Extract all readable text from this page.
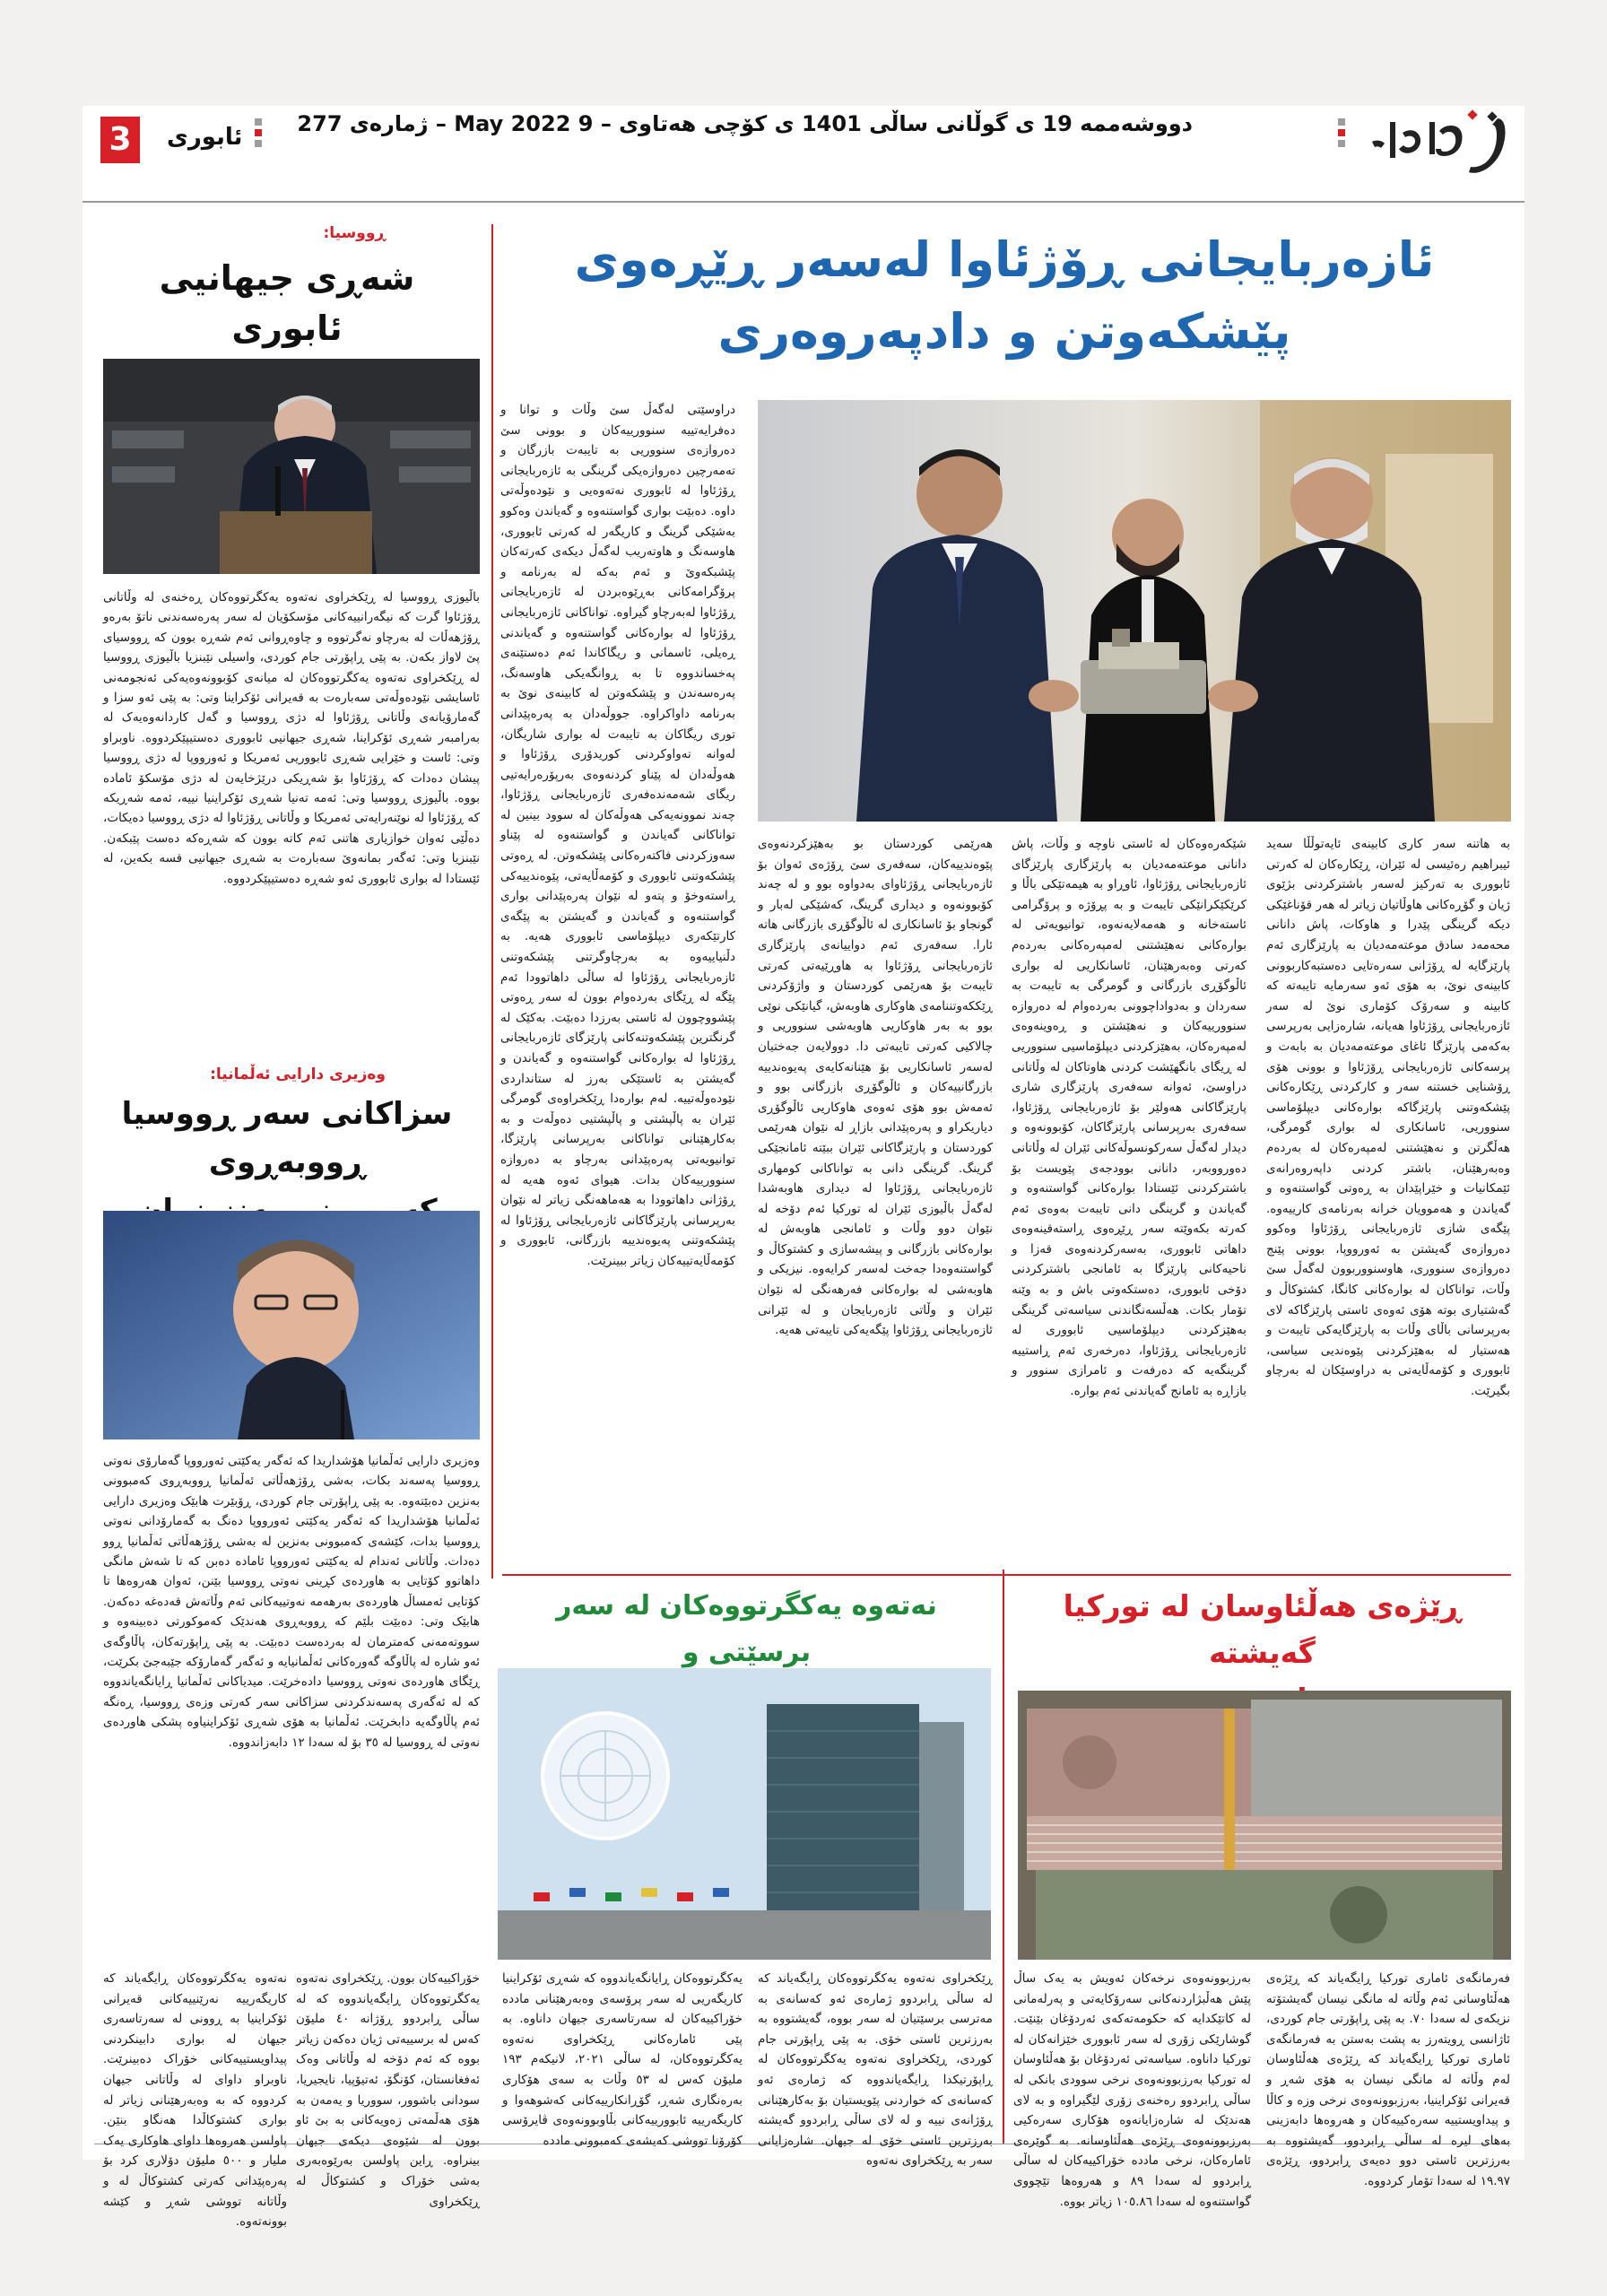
3	ئابوری	دووشەممە 19 ی گوڵانی ساڵی 1401 ی کۆچی هەتاوی – 9 May 2022 – ژمارەی 277
ئازەربایجانی ڕۆژئاوا لەسەر ڕێڕەوی
پێشکەوتن و دادپەروەری

دراوسێتی لەگەڵ سێ وڵات و توانا و دەفرایەتییە سنوورییەکان و بوونی سێ دەروازەی سنووریی بە تایبەت بازرگان و تەمەرچین دەروازەیکی گرینگی بە ئازەربایجانی ڕۆژئاوا لە ئابووری نەتەوەیی و نێودەوڵەتی داوە. دەبێت بواری گواستنەوە و گەیاندن وەکوو بەشێکی گرینگ و کاریگەر لە کەرتی ئابووری، هاوسەنگ و هاوتەریب لەگەڵ دیکەی کەرتەکان پێشبکەوێ و ئەم بەکە لە بەرنامە و پرۆگرامەکانی بەڕێوەبردن لە ئازەربایجانی ڕۆژئاوا لەبەرچاو گیراوە. تواناکانی ئازەربایجانی ڕۆژئاوا لە بوارەکانی گواستنەوە و گەیاندنی ڕەیلی، ئاسمانی و ریگاکاندا ئەم دەستێنەی پەخساندووە تا بە ڕوانگەیکی هاوسەنگ، پەرەسەندن و پێشکەوتن لە کابینەی نوێ بە بەرنامە داواکراوە. جووڵەدان بە پەرەپێدانی توری ریگاکان بە تایبەت لە بواری شاریگان، لەوانە تەواوکردنی کوریدۆری ڕۆژئاوا و هەوڵەدان لە پێناو کردنەوەی بەرپۆرەرایەتیی ریگای شەمەندەفەری ئازەربایجانی ڕۆژئاوا، چەند نموونەیەکی هەوڵەکان لە سوود بینین لە تواناکانی گەیاندن و گواستنەوە لە پێناو سەوزکردنی فاکتەرەکانی پێشکەوتن. لە ڕەوتی پێشکەوتنی ئابووری و کۆمەڵایەتی، پێوەندییەکی ڕاستەوخۆ و پتەو لە نێوان پەرەپێدانی بواری گواستنەوە و گەیاندن و گەیشتن بە پێگەی کارتێکەری دیپلۆماسی ئابووری هەیە. بە دڵنیاییەوە بە بەرچاوگرتنی پێشکەوتنی ئازەربایجانی ڕۆژئاوا لە ساڵی داهاتوودا ئەم پێگە لە ڕێگای بەردەوام بوون لە سەر ڕەوتی پێشووچوون لە ئاستی بەرزدا دەبێت. بەکێک لە گرنگترین پێشکەوتنەکانی پارێزگای ئازەربایجانی ڕۆژئاوا لە بوارەکانی گواستنەوە و گەیاندن و گەیشتن بە ئاستێکی بەرز لە ستانداردی نێودەوڵەتییە. لەم بوارەدا ڕێکخراوەی گومرگی ئێران بە پاڵپشتی و پاڵپشتیی دەوڵەت و بە بەکارهێنانی تواناکانی بەرپرسانی پارێزگا، توانیویەتی پەرەپێدانی بەرچاو بە دەروازە سنوورییەکان بدات. هیوای ئەوە هەیە لە ڕۆژانی داهاتوودا بە هەماهەنگی زیاتر لە نێوان بەرپرسانی پارێزگاکانی ئازەربایجانی ڕۆژئاوا لە پێشکەوتنی پەیوەندییە بازرگانی، ئابووری و کۆمەڵایەتییەکان زیاتر ببینرێت.

هەرێمی کوردستان بو بەهێزکردنەوەی پێوەندییەکان، سەفەری سێ ڕۆژەی ئەوان بۆ ئازەربایجانی ڕۆژئاوای بەدواوە بوو و لە چەند کۆبوونەوە و دیداری گرینگ، کەشێکی لەبار و گونجاو بۆ ئاسانکاری لە ئاڵوگۆڕی بازرگانی هاتە ئارا. سەفەری ئەم دواییانەی پارێزگاری ئازەربایجانی ڕۆژئاوا بە هاوڕێیەتی کەرتی تایبەت بۆ هەرێمی کوردستان و واژۆکردنی ڕێککەوتننامەی هاوکاری هاوبەش، گیانێکی نوێی بوو بە بەر هاوکاریی هاوبەشی سنووریی و چالاکیی کەرتی تایبەتی دا. دوولایەن جەختیان لەسەر ئاسانکاریی بۆ هێنانەکایەی پەیوەندییە بازرگانییەکان و ئاڵوگۆڕی بازرگانی بوو و ئەمەش بوو هۆی ئەوەی هاوکاریی ئاڵوگۆڕی دیاریکراو و پەرەپێدانی بازاڕ لە نێوان هەرێمی کوردستان و پارێزگاکانی ئێران ببێتە ئامانجێکی گرینگ. گرینگی دانی بە تواناکانی کومهاری ئازەربایجانی ڕۆژئاوا لە دیداری هاوبەشدا لەگەڵ باڵیوزی ئێران لە تورکیا ئەم دۆخە لە نێوان دوو وڵات و ئامانجی هاوبەش لە بوارەکانی بازرگانی و پیشەسازی و کشتوکاڵ و گواستنەوەدا جەخت لەسەر کرایەوە. نیزیکی و هاوبەشی لە بوارەکانی فەرهەنگی لە نێوان ئێران و وڵاتی ئازەربایجان و لە ئێرانی ئازەربایجانی ڕۆژئاوا پێگەیەکی تایبەتی هەیە.

شێکەرەوەکان لە ئاستی ناوچە و وڵات، پاش دانانی موعتەمەدیان بە پارێزگاری پارێزگای ئازەربایجانی ڕۆژئاوا، ئاوڕاو بە هیمەتێکی باڵا و کرێکێکرانێکی تایبەت و بە پڕۆژە و پرۆگرامی ئاستەخانە و هەمەلایەنەوە، توانیویەتی لە بوارەکانی نەهێشتنی لەمپەرەکانی بەردەم کەرتی وەبەرهێنان، ئاسانکاریی لە بواری ئاڵوگۆڕی بازرگانی و گومرگی بە تایبەت بە سەردان و بەدواداچوونی بەردەوام لە دەروازە سنوورییەکان و نەهێشتن و ڕەوینەوەی لەمپەرەکان، بەهێزکردنی دیپلۆماسیی سنووریی لە ڕیگای بانگهێشت کردنی هاوتاکان لە وڵاتانی دراوسێ، ئەوانە سەفەری پارێزگاری شاری پارێزگاکانی هەولێر بۆ ئازەربایجانی ڕۆژئاوا، سەفەری بەرپرسانی پارێزگاکان، کۆبوونەوە و دیدار لەگەڵ سەرکونسوڵەکانی ئێران لە وڵاتانی دەورووبەر، دانانی بوودجەی پێویست بۆ باشترکردنی ئێستادا بوارەکانی گواستنەوە و گەیاندن و گرینگی دانی تایبەت بەوەی ئەم کەرتە بکەوێتە سەر ڕێڕەوی ڕاستەقینەوەی داهاتی ئابووری، بەسەرکردنەوەی قەزا و ناحیەکانی پارێزگا بە ئامانجی باشترکردنی دۆخی ئابووری، دەستکەوتی باش و بە وێنە تۆمار بکات. هەڵسەنگاندنی سیاسەتی گرینگی بەهێزکردنی دیپلۆماسیی ئابووری لە ئازەربایجانی ڕۆژئاوا، دەرخەری ئەم ڕاستییە گرینگەیە کە دەرفەت و ئامرازی سنوور و بازاڕە بە ئامانج گەیاندنی ئەم بوارە.

بە هاتنە سەر کاری کابینەی ئایەتوڵڵا سەید ئیبراهیم رەئیسی لە ئێران، ڕێکارەکان لە کەرتی ئابووری بە تەرکیز لەسەر باشترکردنی بژێوی ژیان و گۆڕەکانی هاوڵاتیان زیاتر لە هەر قۆناغێکی دیکە گرینگی پێدرا و هاوکات، پاش دانانی محەمەد سادق موعتەمەدیان بە پارێزگاری ئەم پارێزگایە لە ڕۆژانی سەرەتایی دەستبەکاربوونی کابینەی نوێ، بە هۆی ئەو سەرمایە تایبەتە کە کابینە و سەرۆک کۆماری نوێ لە سەر ئازەربایجانی ڕۆژئاوا هەیانە، شارەزایی بەرپرسی بەکەمی پارێزگا ئاغای موعتەمەدیان بە بابەت و پرسەکانی ئازەربایجانی ڕۆژئاوا و بوونی هۆی ڕۆشنایی خستنە سەر و کارکردنی ڕێکارەکانی پێشکەوتنی پارێزگاکە بوارەکانی دیپلۆماسی سنووریی، ئاسانکاری لە بواری گومرگی، هەڵگرتن و نەهێشتنی لەمپەرەکان لە بەردەم وەبەرهێنان، باشتر کردنی داپەروەرانەی ئێمکانیات و خێراپێدان بە ڕەوتی گواستنەوە و گەیاندن و هەموویان خرانە بەرنامەی کارییەوە. پێگەی شازی ئازەربایجانی ڕۆژئاوا وەکوو دەروازەی گەیشتن بە ئەورووپا، بوونی پێنج دەروازەی سنووری، هاوسنووربوون لەگەڵ سێ وڵات، تواناکان لە بوارەکانی کانگا، کشتوکاڵ و گەشتیاری بوتە هۆی ئەوەی ئاستی پارێزگاکە لای بەرپرسانی باڵای وڵات بە پارێزگایەکی تایبەت و هەستیار لە بەهێزکردنی پێوەندیی سیاسی، ئابووری و کۆمەڵایەتی بە دراوسێکان لە بەرچاو بگیرێت.

ڕووسیا:
شەڕی جیهانیی ئابوری

باڵیوزی ڕووسیا لە ڕێکخراوی نەتەوە یەکگرتووەکان ڕەخنەی لە وڵاتانی ڕۆژئاوا گرت کە نیگەرانییەکانی مۆسکۆیان لە سەر پەرەسەندنی ناتۆ بەرەو ڕۆژهەڵات لە بەرچاو نەگرتووە و چاوەڕوانی ئەم شەڕە بوون کە ڕووسیای پێ لاواز بکەن. بە پێی ڕاپۆرتی جام کوردی، واسیلی نێبنزیا باڵیوزی ڕووسیا لە ڕێکخراوی نەتەوە یەکگرتووەکان لە میانەی کۆبوونەوەیەکی ئەنجومەنی ئاسایشی نێودەوڵەتی سەبارەت بە قەیرانی ئۆکراینا وتی: بە پێی ئەو سزا و گەمارۆیانەی وڵاتانی ڕۆژئاوا لە دژی ڕووسیا و گەل کاردانەوەیەک لە بەرامبەر شەڕی ئۆکراینا، شەڕی جیهانیی ئابووری دەستیپێکردووە. ناوبراو وتی: ئاست و خێرایی شەڕی ئابووریی ئەمریکا و ئەورووپا لە دژی ڕووسیا پیشان دەدات کە ڕۆژئاوا بۆ شەڕیکی درێژخایەن لە دژی مۆسکۆ ئامادە بووە. باڵیوزی ڕووسیا وتی: ئەمە تەنیا شەڕی ئۆکراینیا نییە، ئەمە شەڕیکە کە ڕۆژئاوا لە نوێنەرایەتی ئەمریکا و وڵاتانی ڕۆژئاوا لە دژی ڕووسیا دەیکات، دەڵێی ئەوان خوازیاری هاتنی ئەم کاتە بوون کە شەڕەکە دەست پێبکەن. نێبنزیا وتی: ئەگەر بمانەوێ سەبارەت بە شەڕی جیهانیی قسە بکەین، لە ئێستادا لە بواری ئابووری ئەو شەڕە دەستیپێکردووە.

وەزیری دارایی ئەڵمانیا:
سزاکانی سەر ڕووسیا ڕووبەڕوی

وەزیری دارایی ئەڵمانیا هۆشداریدا کە ئەگەر یەکێتی ئەورووپا گەمارۆی نەوتی ڕووسیا پەسەند بکات، بەشی ڕۆژهەڵاتی ئەڵمانیا ڕووبەڕوی کەمبوونی بەنزین دەبێتەوە. بە پێی ڕاپۆرتی جام کوردی، ڕۆبێرت هابێک وەزیری دارایی ئەڵمانیا هۆشداریدا کە ئەگەر یەکێتی ئەورووپا دەنگ بە گەمارۆدانی نەوتی ڕووسیا بدات، کێشەی کەمبوونی بەنزین لە بەشی ڕۆژهەڵاتی ئەڵمانیا ڕوو دەدات. وڵاتانی ئەندام لە یەکێتی ئەورووپا ئامادە دەبن کە تا شەش مانگی داهاتوو کۆتایی بە هاوردەی کڕینی نەوتی ڕووسیا بێنن، ئەوان هەروەها تا کۆتایی ئەمساڵ هاوردەی بەرهەمە نەوتییەکانی ئەم وڵاتەش قەدەغە دەکەن. هابێک وتی: دەبێت بلێم کە ڕووبەڕوی هەندێک کەموکورتی دەبینەوە و سووتەمەنی کەمترمان لە بەردەست دەبێت. بە پێی ڕاپۆرتەکان، پاڵاوگەی ئەو شارە لە پاڵاوگە گەورەکانی ئەڵمانیایە و ئەگەر گەمارۆکە جێبەجێ بکرێت، ڕێگای هاوردەی نەوتی ڕووسیا دادەخرێت. میدیاکانی ئەڵمانیا ڕایانگەیاندووە کە لە ئەگەری پەسەندکردنی سزاکانی سەر کەرتی وزەی ڕووسیا، ڕەنگە ئەم پاڵاوگەیە دابخرێت. ئەڵمانیا بە هۆی شەڕی ئۆکراینیاوە پشکی هاوردەی نەوتی لە ڕووسیا لە ٣٥ بۆ لە سەدا ١٢ دابەزاندووە.

ڕێژەی هەڵئاوسان لە تورکیا گەیشتە

فەرمانگەی ئاماری تورکیا ڕایگەیاند کە ڕێژەی هەڵئاوسانی ئەم وڵاتە لە مانگی نیسان گەیشتۆتە نزیکەی لە سەدا ٧٠. بە پێی ڕاپۆرتی جام کوردی، ئاژانسی ڕویتەرز بە پشت بەستن بە فەرمانگەی ئاماری تورکیا ڕایگەیاند کە ڕێژەی هەڵئاوسان لەم وڵاتە لە مانگی نیسان بە هۆی شەڕ و قەیرانی ئۆکراینیا، بەرزبوونەوەی نرخی وزە و کاڵا و پیداویستییە سەرەکییەکان و هەروەها دابەزینی بەهای لیرە لە ساڵی ڕابردوو، گەیشتووە بە بەرزترین ئاستی دوو دەیەی ڕابردوو، ڕێژەی ١٩.٩٧ لە سەدا تۆمار کردووە.

بەرزبوونەوەی نرخەکان ئەویش بە یەک ساڵ پێش هەڵبژاردنەکانی سەرۆکایەتی و پەرلەمانی لە کاتێکدایە کە حکومەتەکەی ئەردۆغان بێنێت. گوشارێکی زۆری لە سەر ئابووری خێزانەکان لە تورکیا داناوە. سیاسەتی ئەردۆغان بۆ هەڵئاوسان لە تورکیا بەرزبوونەوەی نرخی سوودی بانکی لە ساڵی ڕابردوو رەخنەی زۆری لێگیراوە و بە لای هەندێک لە شارەزایانەوە هۆکاری سەرەکیی بەرزبوونەوەی ڕێژەی هەڵئاوسانە. بە گوێرەی ئامارەکان، نرخی ماددە خۆراکییەکان لە ساڵی ڕابردوو لە سەدا ٨٩ و هەروەها تێچووی گواستنەوە لە سەدا ١٠٥.٨٦ زیاتر بووە.

نەتەوە یەکگرتووەکان لە سەر برسێتی و

ڕێکخراوی نەتەوە یەکگرتووەکان ڕایگەیاند کە لە ساڵی ڕابردوو ژمارەی ئەو کەسانەی بە مەترسی برسێتیان لە سەر بووە، گەیشتووە بە بەرزترین ئاستی خۆی. بە پێی ڕاپۆرتی جام کوردی، ڕێکخراوی نەتەوە یەکگرتووەکان لە ڕاپۆرتیکدا ڕایگەیاندووە کە ژمارەی ئەو کەسانەی کە خواردنی پێویستیان بۆ بەکارهێنانی ڕۆژانەی نییە و لە لای ساڵی ڕابردوو گەیشتە بەرزترین ئاستی خۆی لە جیهان. شارەزایانی سەر بە ڕێکخراوی نەتەوە

یەکگرتووەکان ڕایانگەیاندووە کە شەڕی ئۆکراینیا کاریگەریی لە سەر پرۆسەی وەبەرهێنانی ماددە خۆراکییەکان لە سەرتاسەری جیهان داناوە. بە پێی ئامارەکانی ڕێکخراوی نەتەوە یەکگرتووەکان، لە ساڵی ٢٠٢١، لانیکەم ١٩٣ ملیۆن کەس لە ٥٣ وڵات بە سەی هۆکاری بەرەنگاری شەڕ، گۆڕانکارییەکانی کەشوهەوا و کاریگەرییە ئابوورییەکانی بڵاوبوونەوەی ڤایرۆسی کۆرۆنا تووشی کەیشەی کەمبوونی ماددە

خۆراکییەکان بوون. ڕێکخراوی نەتەوە یەکگرتووەکان ڕایگەیاندووە کە لە ساڵی ڕابردوو ڕۆژانە ٤٠ ملیۆن کەس لە برسییەتی ژیان دەکەن زیاتر بووە کە ئەم دۆخە لە وڵاتانی وەک ئەفغانستان، کۆنگۆ، ئەتیۆپیا، نایجیریا، سودانی باشوور، سووریا و یەمەن بە هۆی هەڵمەتی زەویەکانی بە بێ ئاو بوون لە شێوەی دیکەی جیهان بینراوە. ڕاین پاولسن بەرێوەبەری بەشی خۆراک و کشتوکاڵ لە ڕێکخراوی

نەتەوە یەکگرتووەکان ڕایگەیاند کە کاریگەرییە نەرێنییەکانی قەیرانی ئۆکراینیا بە ڕوونی لە سەرتاسەری جیهان لە بواری دابینکردنی پیداویستییەکانی خۆراک دەبینرێت. ناوبراو داوای لە وڵاتانی جیهان کردووە کە بە وەبەرهێنانی زیاتر لە بواری کشتوکاڵدا هەنگاو بنێن. پاولسن هەروەها داوای هاوکاری یەک ملیار و ٥٠٠ ملیۆن دۆلاری کرد بۆ پەرەپێدانی کەرتی کشتوکاڵ لە و وڵاتانە تووشی شەڕ و کێشە بوونەتەوە.
